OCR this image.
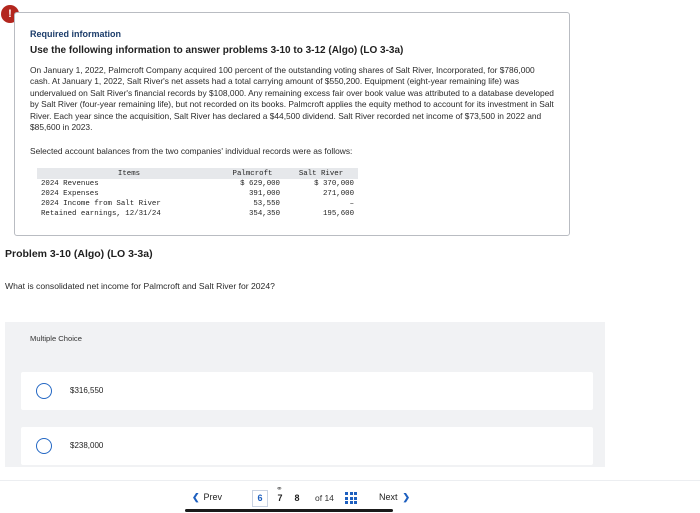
!
Required information
Use the following information to answer problems 3-10 to 3-12 (Algo) (LO 3-3a)
On January 1, 2022, Palmcroft Company acquired 100 percent of the outstanding voting shares of Salt River, Incorporated, for $786,000 cash. At January 1, 2022, Salt River's net assets had a total carrying amount of $550,200. Equipment (eight-year remaining life) was undervalued on Salt River's financial records by $108,000. Any remaining excess fair over book value was attributed to a database developed by Salt River (four-year remaining life), but not recorded on its books. Palmcroft applies the equity method to account for its investment in Salt River. Each year since the acquisition, Salt River has declared a $44,500 dividend. Salt River recorded net income of $73,500 in 2022 and $85,600 in 2023.
Selected account balances from the two companies' individual records were as follows:
Items	Palmcroft	Salt River
2024 Revenues	$ 629,000	$ 370,000
2024 Expenses	391,000	271,000
2024 Income from Salt River	53,550	–
Retained earnings, 12/31/24	354,350	195,600
Problem 3-10 (Algo) (LO 3-3a)
What is consolidated net income for Palmcroft and Salt River for 2024?
Multiple Choice
$316,550
$238,000
❮ Prev
⚭
6	7	8	of 14	Next ❯
